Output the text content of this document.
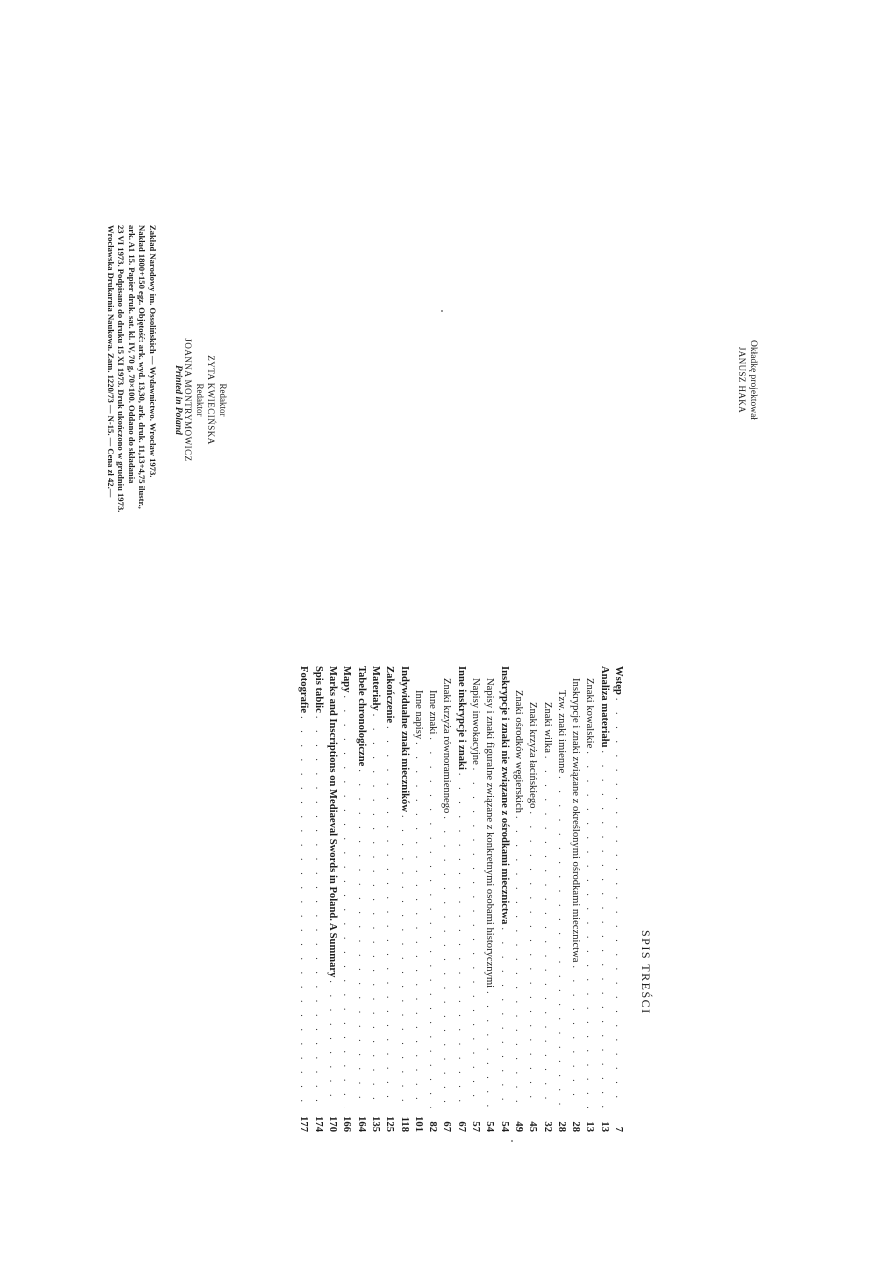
Okładkę projektował
JANUSZ HAKA
Redaktor
ZYTA KWIECIŃSKA
Redaktor
JOANNA MONTRYMOWICZ
Printed in Poland
Zakład Narodowy im. Ossolińskich — Wydawnictwo. Wrocław 1973.
Nakład 1800+150 egz. Objętość: ark. wyd. 13,30, ark. druk. 11,13+4,75 ilustr.,
ark. A1 15. Papier druk. sat. kl. IV, 70 g, 70×100. Oddano do składania
23 VI 1973. Podpisano do druku 15 XI 1973. Druk ukończono w grudniu 1973.
Wrocławska Drukarnia Naukowa. Zam. 1220/73 — N-15. — Cena zł 42.—
SPIS TREŚCI
Wstęp
. . .
7
Analiza materiału
. . .
13
Znaki kowalskie
. . .
13
Inskrypcje i znaki związane z określonymi ośrodkami miecznictwa
. . .
28
Tzw. znaki imienne
. . .
28
Znaki wilka
. . .
32
Znaki krzyża łacińskiego
. . .
45
Znaki ośrodków węgierskich
. . .
49
Inskrypcje i znaki nie związane z ośrodkami miecznictwa
. . .
54
Napisy i znaki figuralne związane z konkretnymi osobami historycznymi
. . .
54
Napisy inwokacyjne
. . .
57
Inne inskrypcje i znaki
. . .
67
Znaki krzyża równoramiennego
. . .
67
Inne znaki
. . .
82
Inne napisy
. . .
101
Indywidualne znaki mieczników
. . .
118
Zakończenie
. . .
125
Materiały
. . .
135
Tabele chronologiczne
. . .
164
Mapy
. . .
166
Marks and Inscriptions on Mediaeval Swords in Poland. A Summary
. . .
170
Spis tablic
. . .
174
Fotografie
. . .
177
